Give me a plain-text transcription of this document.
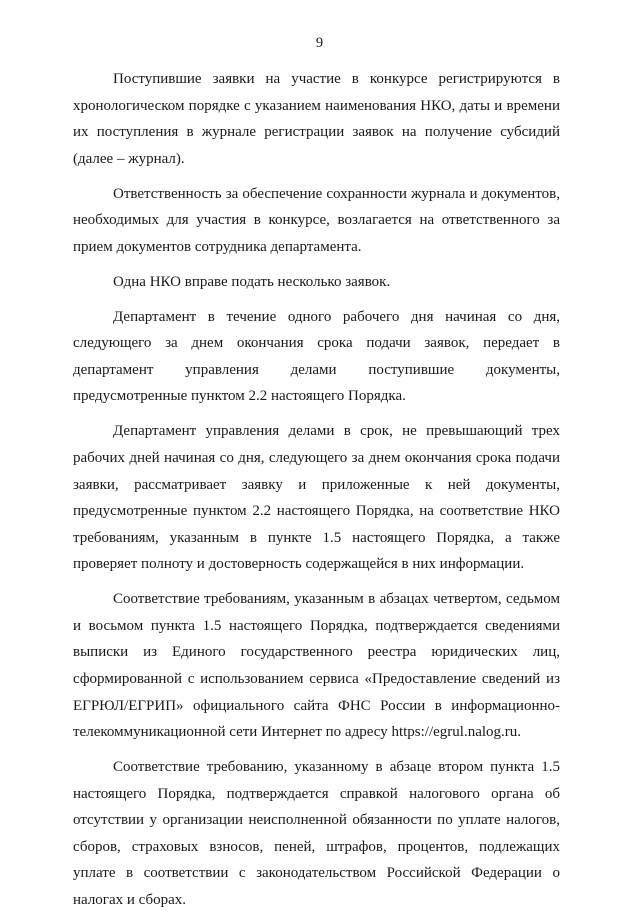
9

Поступившие заявки на участие в конкурсе регистрируются в хронологическом порядке с указанием наименования НКО, даты и времени их поступления в журнале регистрации заявок на получение субсидий (далее – журнал).

Ответственность за обеспечение сохранности журнала и документов, необходимых для участия в конкурсе, возлагается на ответственного за прием документов сотрудника департамента.

Одна НКО вправе подать несколько заявок.

Департамент в течение одного рабочего дня начиная со дня, следующего за днем окончания срока подачи заявок, передает в департамент управления делами поступившие документы, предусмотренные пунктом 2.2 настоящего Порядка.

Департамент управления делами в срок, не превышающий трех рабочих дней начиная со дня, следующего за днем окончания срока подачи заявки, рассматривает заявку и приложенные к ней документы, предусмотренные пунктом 2.2 настоящего Порядка, на соответствие НКО требованиям, указанным в пункте 1.5 настоящего Порядка, а также проверяет полноту и достоверность содержащейся в них информации.

Соответствие требованиям, указанным в абзацах четвертом, седьмом и восьмом пункта 1.5 настоящего Порядка, подтверждается сведениями выписки из Единого государственного реестра юридических лиц, сформированной с использованием сервиса «Предоставление сведений из ЕГРЮЛ/ЕГРИП» официального сайта ФНС России в информационно-телекоммуникационной сети Интернет по адресу https://egrul.nalog.ru.

Соответствие требованию, указанному в абзаце втором пункта 1.5 настоящего Порядка, подтверждается справкой налогового органа об отсутствии у организации неисполненной обязанности по уплате налогов, сборов, страховых взносов, пеней, штрафов, процентов, подлежащих уплате в соответствии с законодательством Российской Федерации о налогах и сборах.
